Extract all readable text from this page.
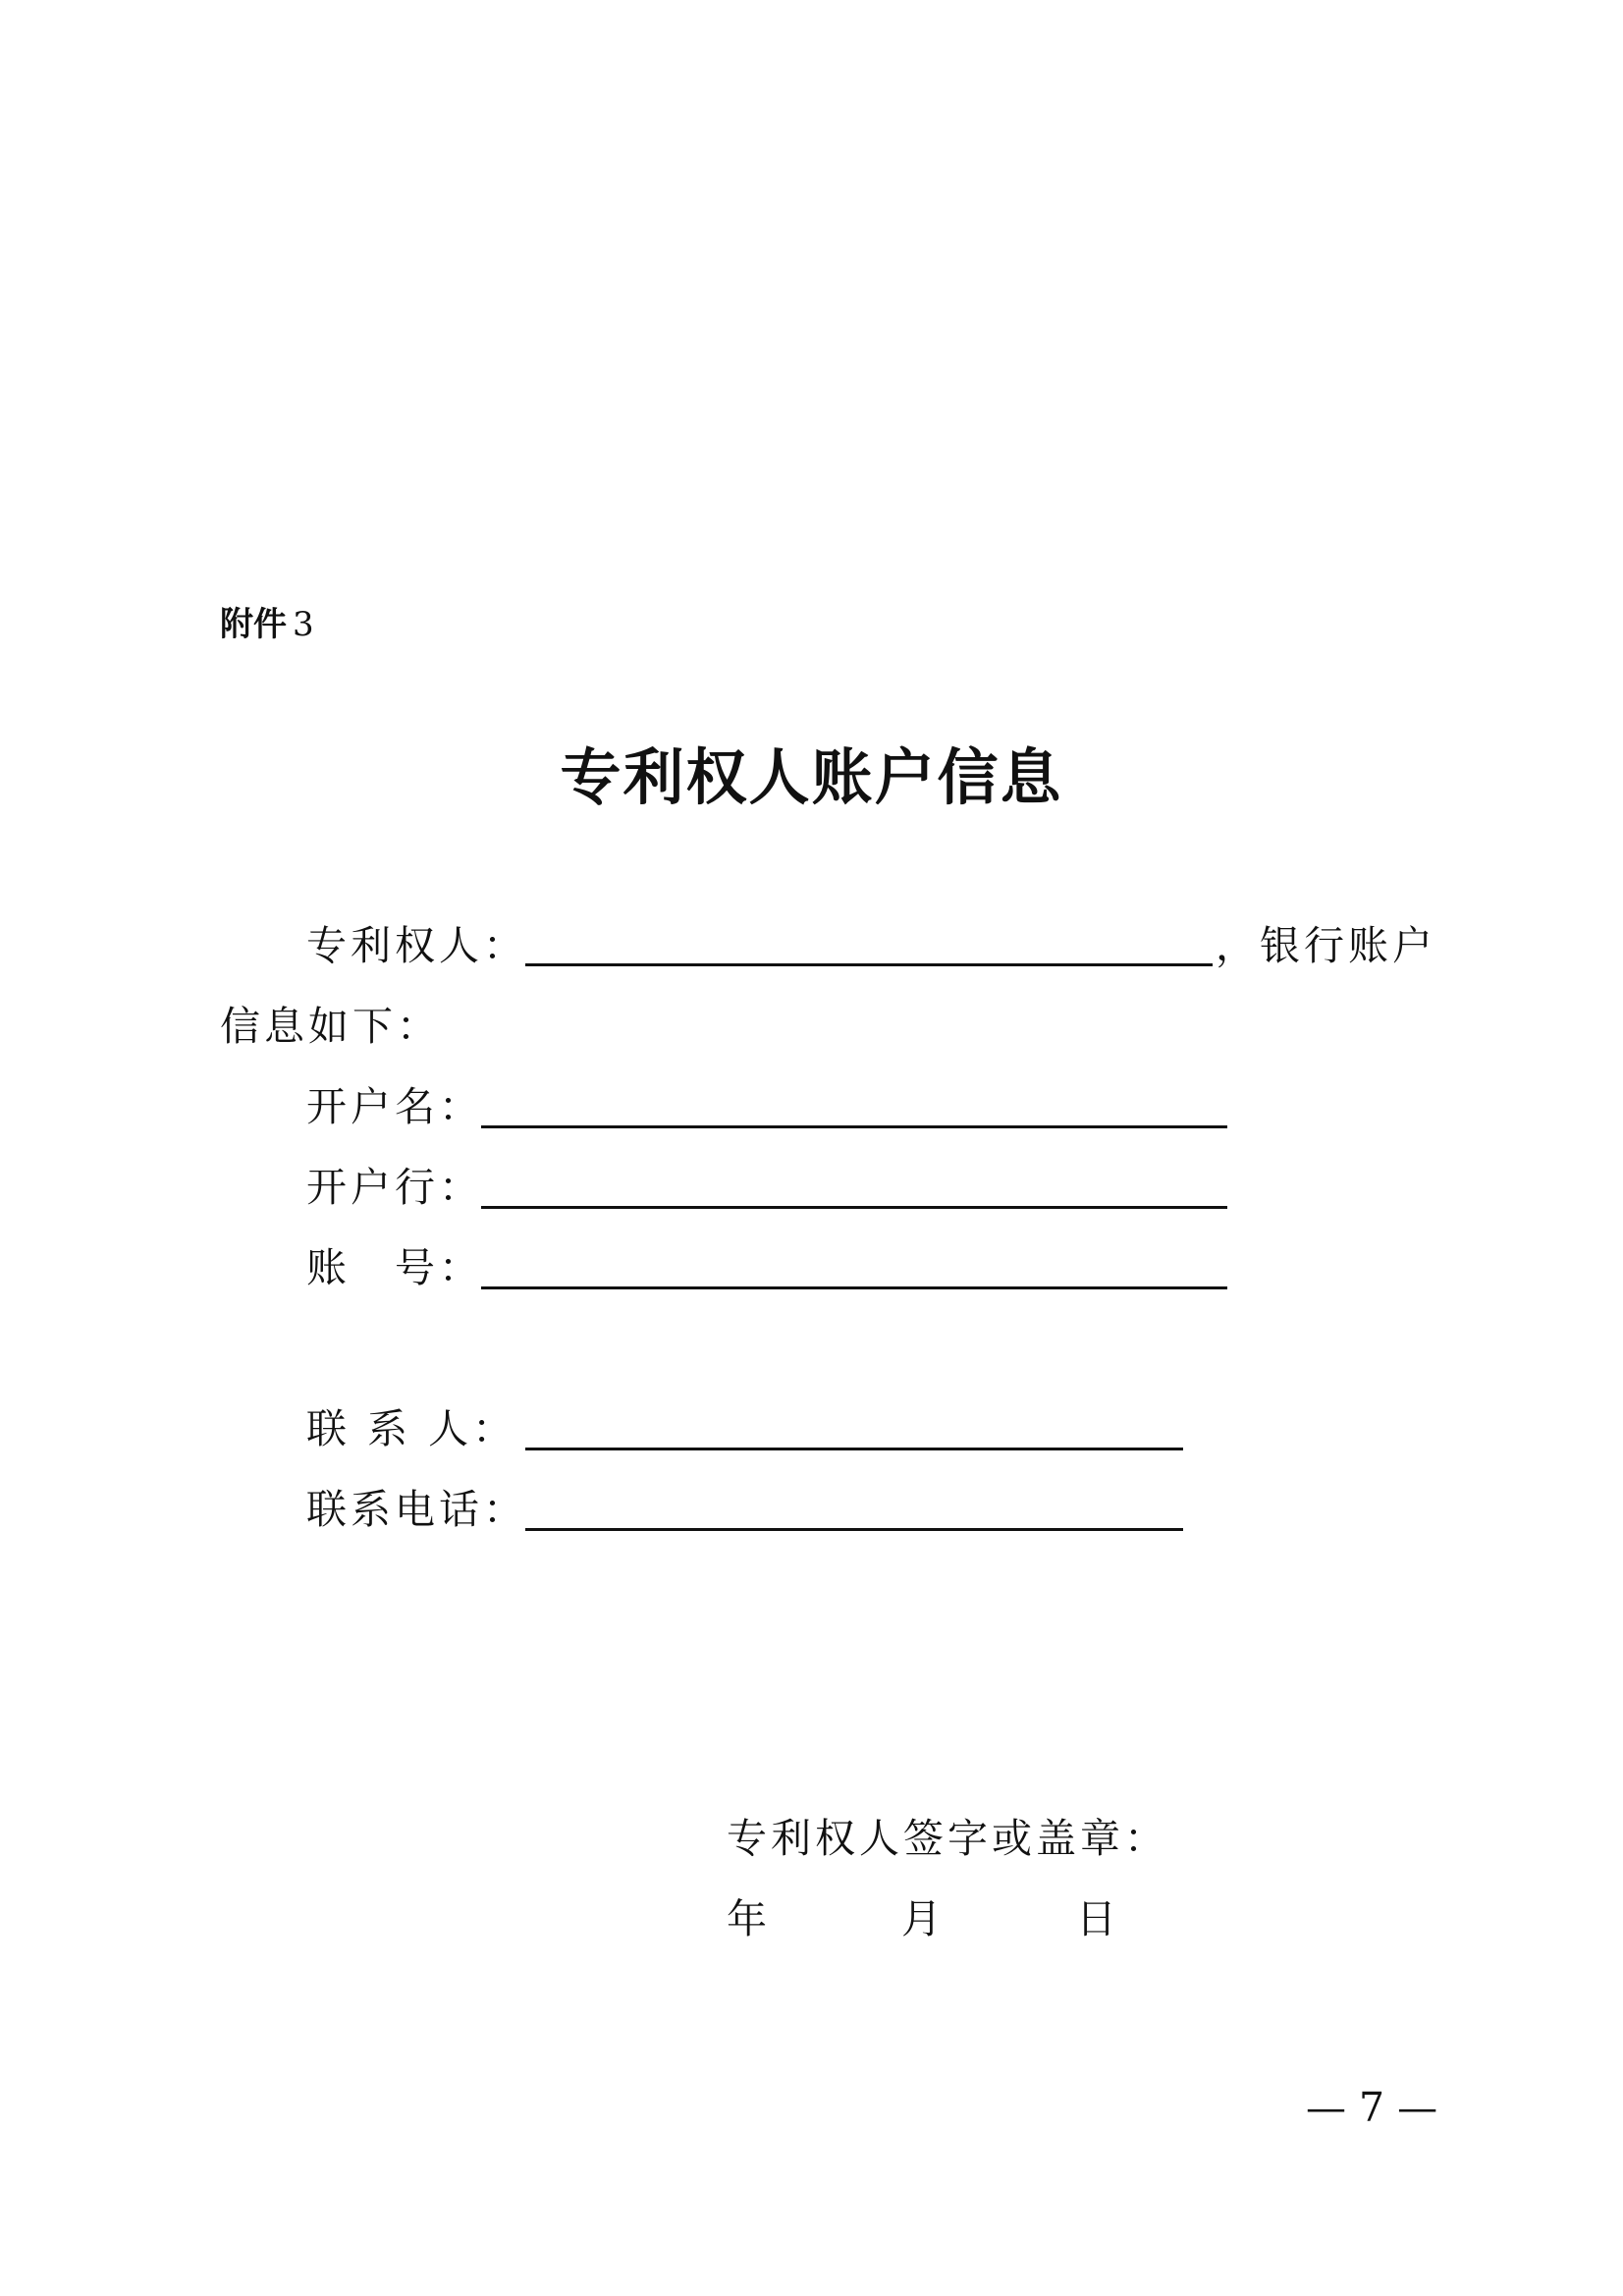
附件 3
专利权人账户信息
专利权人：	，银行账户
信息如下：
开户名：
开户行：
账　号：
联 系 人：
联系电话：
专利权人签字或盖章：
年	月	日
— 7 —
